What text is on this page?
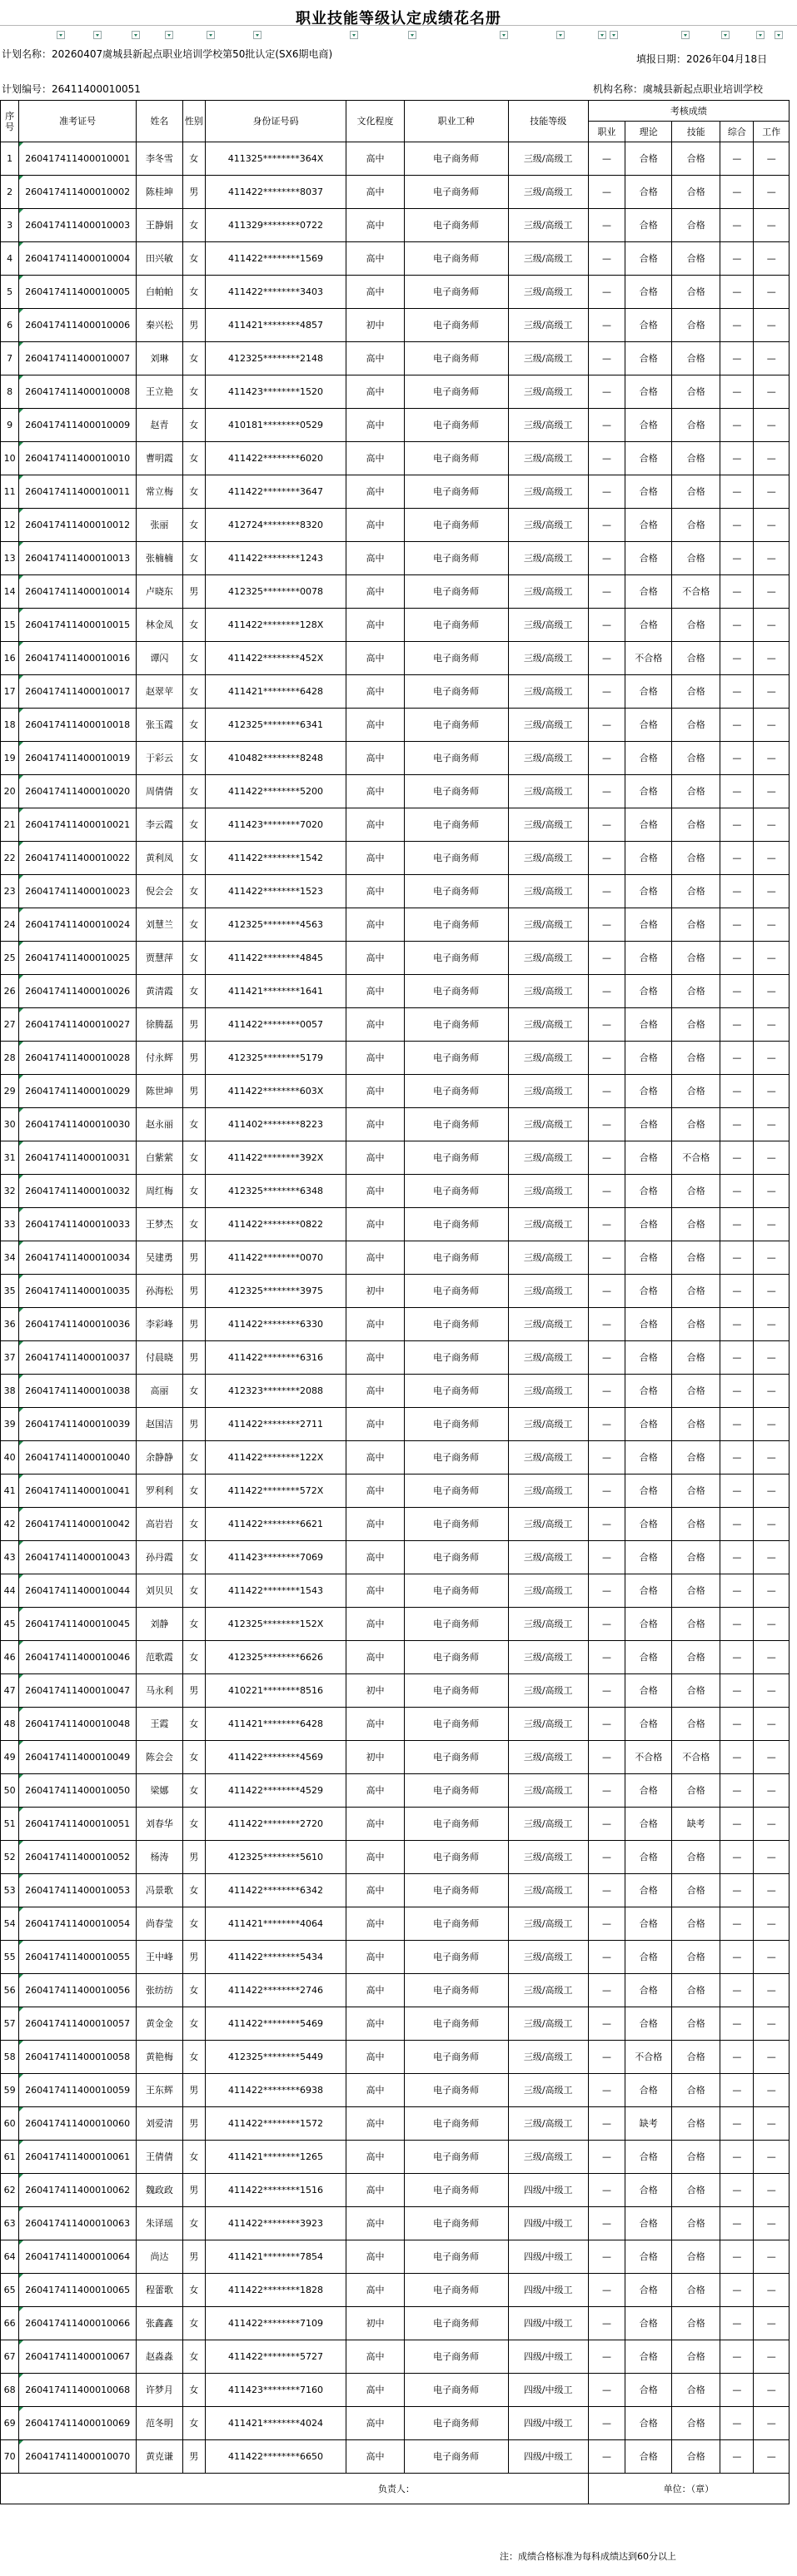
职业技能等级认定成绩花名册
计划名称：20260407虞城县新起点职业培训学校第50批认定(SX6期电商)	填报日期：2026年04月18日
计划编号：26411400010051	机构名称：虞城县新起点职业培训学校
序号	准考证号	姓名	性别	身份证号码	文化程度	职业工种	技能等级	考核成绩				
								职业	理论	技能	综合	工作
1	260417411400010001	李冬雪	女	411325********364X	高中	电子商务师	三级/高级工	—	合格	合格	—	—
2	260417411400010002	陈桂坤	男	411422********8037	高中	电子商务师	三级/高级工	—	合格	合格	—	—
3	260417411400010003	王静娟	女	411329********0722	高中	电子商务师	三级/高级工	—	合格	合格	—	—
4	260417411400010004	田兴敏	女	411422********1569	高中	电子商务师	三级/高级工	—	合格	合格	—	—
5	260417411400010005	白帕帕	女	411422********3403	高中	电子商务师	三级/高级工	—	合格	合格	—	—
6	260417411400010006	秦兴松	男	411421********4857	初中	电子商务师	三级/高级工	—	合格	合格	—	—
7	260417411400010007	刘琳	女	412325********2148	高中	电子商务师	三级/高级工	—	合格	合格	—	—
8	260417411400010008	王立艳	女	411423********1520	高中	电子商务师	三级/高级工	—	合格	合格	—	—
9	260417411400010009	赵青	女	410181********0529	高中	电子商务师	三级/高级工	—	合格	合格	—	—
10	260417411400010010	曹明霞	女	411422********6020	高中	电子商务师	三级/高级工	—	合格	合格	—	—
11	260417411400010011	常立梅	女	411422********3647	高中	电子商务师	三级/高级工	—	合格	合格	—	—
12	260417411400010012	张丽	女	412724********8320	高中	电子商务师	三级/高级工	—	合格	合格	—	—
13	260417411400010013	张楠楠	女	411422********1243	高中	电子商务师	三级/高级工	—	合格	合格	—	—
14	260417411400010014	卢晓东	男	412325********0078	高中	电子商务师	三级/高级工	—	合格	不合格	—	—
15	260417411400010015	林金凤	女	411422********128X	高中	电子商务师	三级/高级工	—	合格	合格	—	—
16	260417411400010016	谭闪	女	411422********452X	高中	电子商务师	三级/高级工	—	不合格	合格	—	—
17	260417411400010017	赵翠苹	女	411421********6428	高中	电子商务师	三级/高级工	—	合格	合格	—	—
18	260417411400010018	张玉霞	女	412325********6341	高中	电子商务师	三级/高级工	—	合格	合格	—	—
19	260417411400010019	于彩云	女	410482********8248	高中	电子商务师	三级/高级工	—	合格	合格	—	—
20	260417411400010020	周倩倩	女	411422********5200	高中	电子商务师	三级/高级工	—	合格	合格	—	—
21	260417411400010021	李云霞	女	411423********7020	高中	电子商务师	三级/高级工	—	合格	合格	—	—
22	260417411400010022	黄利凤	女	411422********1542	高中	电子商务师	三级/高级工	—	合格	合格	—	—
23	260417411400010023	倪会会	女	411422********1523	高中	电子商务师	三级/高级工	—	合格	合格	—	—
24	260417411400010024	刘慧兰	女	412325********4563	高中	电子商务师	三级/高级工	—	合格	合格	—	—
25	260417411400010025	贾慧萍	女	411422********4845	高中	电子商务师	三级/高级工	—	合格	合格	—	—
26	260417411400010026	黄清霞	女	411421********1641	高中	电子商务师	三级/高级工	—	合格	合格	—	—
27	260417411400010027	徐腾磊	男	411422********0057	高中	电子商务师	三级/高级工	—	合格	合格	—	—
28	260417411400010028	付永辉	男	412325********5179	高中	电子商务师	三级/高级工	—	合格	合格	—	—
29	260417411400010029	陈世坤	男	411422********603X	高中	电子商务师	三级/高级工	—	合格	合格	—	—
30	260417411400010030	赵永丽	女	411402********8223	高中	电子商务师	三级/高级工	—	合格	合格	—	—
31	260417411400010031	白紫萦	女	411422********392X	高中	电子商务师	三级/高级工	—	合格	不合格	—	—
32	260417411400010032	周红梅	女	412325********6348	高中	电子商务师	三级/高级工	—	合格	合格	—	—
33	260417411400010033	王梦杰	女	411422********0822	高中	电子商务师	三级/高级工	—	合格	合格	—	—
34	260417411400010034	吴建勇	男	411422********0070	高中	电子商务师	三级/高级工	—	合格	合格	—	—
35	260417411400010035	孙海松	男	412325********3975	初中	电子商务师	三级/高级工	—	合格	合格	—	—
36	260417411400010036	李彩峰	男	411422********6330	高中	电子商务师	三级/高级工	—	合格	合格	—	—
37	260417411400010037	付晨晓	男	411422********6316	高中	电子商务师	三级/高级工	—	合格	合格	—	—
38	260417411400010038	高丽	女	412323********2088	高中	电子商务师	三级/高级工	—	合格	合格	—	—
39	260417411400010039	赵国洁	男	411422********2711	高中	电子商务师	三级/高级工	—	合格	合格	—	—
40	260417411400010040	余静静	女	411422********122X	高中	电子商务师	三级/高级工	—	合格	合格	—	—
41	260417411400010041	罗利利	女	411422********572X	高中	电子商务师	三级/高级工	—	合格	合格	—	—
42	260417411400010042	高岩岩	女	411422********6621	高中	电子商务师	三级/高级工	—	合格	合格	—	—
43	260417411400010043	孙丹霞	女	411423********7069	高中	电子商务师	三级/高级工	—	合格	合格	—	—
44	260417411400010044	刘贝贝	女	411422********1543	高中	电子商务师	三级/高级工	—	合格	合格	—	—
45	260417411400010045	刘静	女	412325********152X	高中	电子商务师	三级/高级工	—	合格	合格	—	—
46	260417411400010046	范歌霞	女	412325********6626	高中	电子商务师	三级/高级工	—	合格	合格	—	—
47	260417411400010047	马永利	男	410221********8516	初中	电子商务师	三级/高级工	—	合格	合格	—	—
48	260417411400010048	王霞	女	411421********6428	高中	电子商务师	三级/高级工	—	合格	合格	—	—
49	260417411400010049	陈会会	女	411422********4569	初中	电子商务师	三级/高级工	—	不合格	不合格	—	—
50	260417411400010050	梁娜	女	411422********4529	高中	电子商务师	三级/高级工	—	合格	合格	—	—
51	260417411400010051	刘春华	女	411422********2720	高中	电子商务师	三级/高级工	—	合格	缺考	—	—
52	260417411400010052	杨涛	男	412325********5610	高中	电子商务师	三级/高级工	—	合格	合格	—	—
53	260417411400010053	冯景歌	女	411422********6342	高中	电子商务师	三级/高级工	—	合格	合格	—	—
54	260417411400010054	尚春莹	女	411421********4064	高中	电子商务师	三级/高级工	—	合格	合格	—	—
55	260417411400010055	王中峰	男	411422********5434	高中	电子商务师	三级/高级工	—	合格	合格	—	—
56	260417411400010056	张纺纺	女	411422********2746	高中	电子商务师	三级/高级工	—	合格	合格	—	—
57	260417411400010057	黄金金	女	411422********5469	高中	电子商务师	三级/高级工	—	合格	合格	—	—
58	260417411400010058	黄艳梅	女	412325********5449	高中	电子商务师	三级/高级工	—	不合格	合格	—	—
59	260417411400010059	王东辉	男	411422********6938	高中	电子商务师	三级/高级工	—	合格	合格	—	—
60	260417411400010060	刘爱清	男	411422********1572	高中	电子商务师	三级/高级工	—	缺考	合格	—	—
61	260417411400010061	王倩倩	女	411421********1265	高中	电子商务师	三级/高级工	—	合格	合格	—	—
62	260417411400010062	魏政政	男	411422********1516	高中	电子商务师	四级/中级工	—	合格	合格	—	—
63	260417411400010063	朱译瑶	女	411422********3923	高中	电子商务师	四级/中级工	—	合格	合格	—	—
64	260417411400010064	尚达	男	411421********7854	高中	电子商务师	四级/中级工	—	合格	合格	—	—
65	260417411400010065	程蕾歌	女	411422********1828	高中	电子商务师	四级/中级工	—	合格	合格	—	—
66	260417411400010066	张鑫鑫	女	411422********7109	初中	电子商务师	四级/中级工	—	合格	合格	—	—
67	260417411400010067	赵淼淼	女	411422********5727	高中	电子商务师	四级/中级工	—	合格	合格	—	—
68	260417411400010068	许梦月	女	411423********7160	高中	电子商务师	四级/中级工	—	合格	合格	—	—
69	260417411400010069	范冬明	女	411421********4024	高中	电子商务师	四级/中级工	—	合格	合格	—	—
70	260417411400010070	黄克谦	男	411422********6650	高中	电子商务师	四级/中级工	—	合格	合格	—	—
				负责人：				单位：（章）				
注：成绩合格标准为每科成绩达到60分以上
